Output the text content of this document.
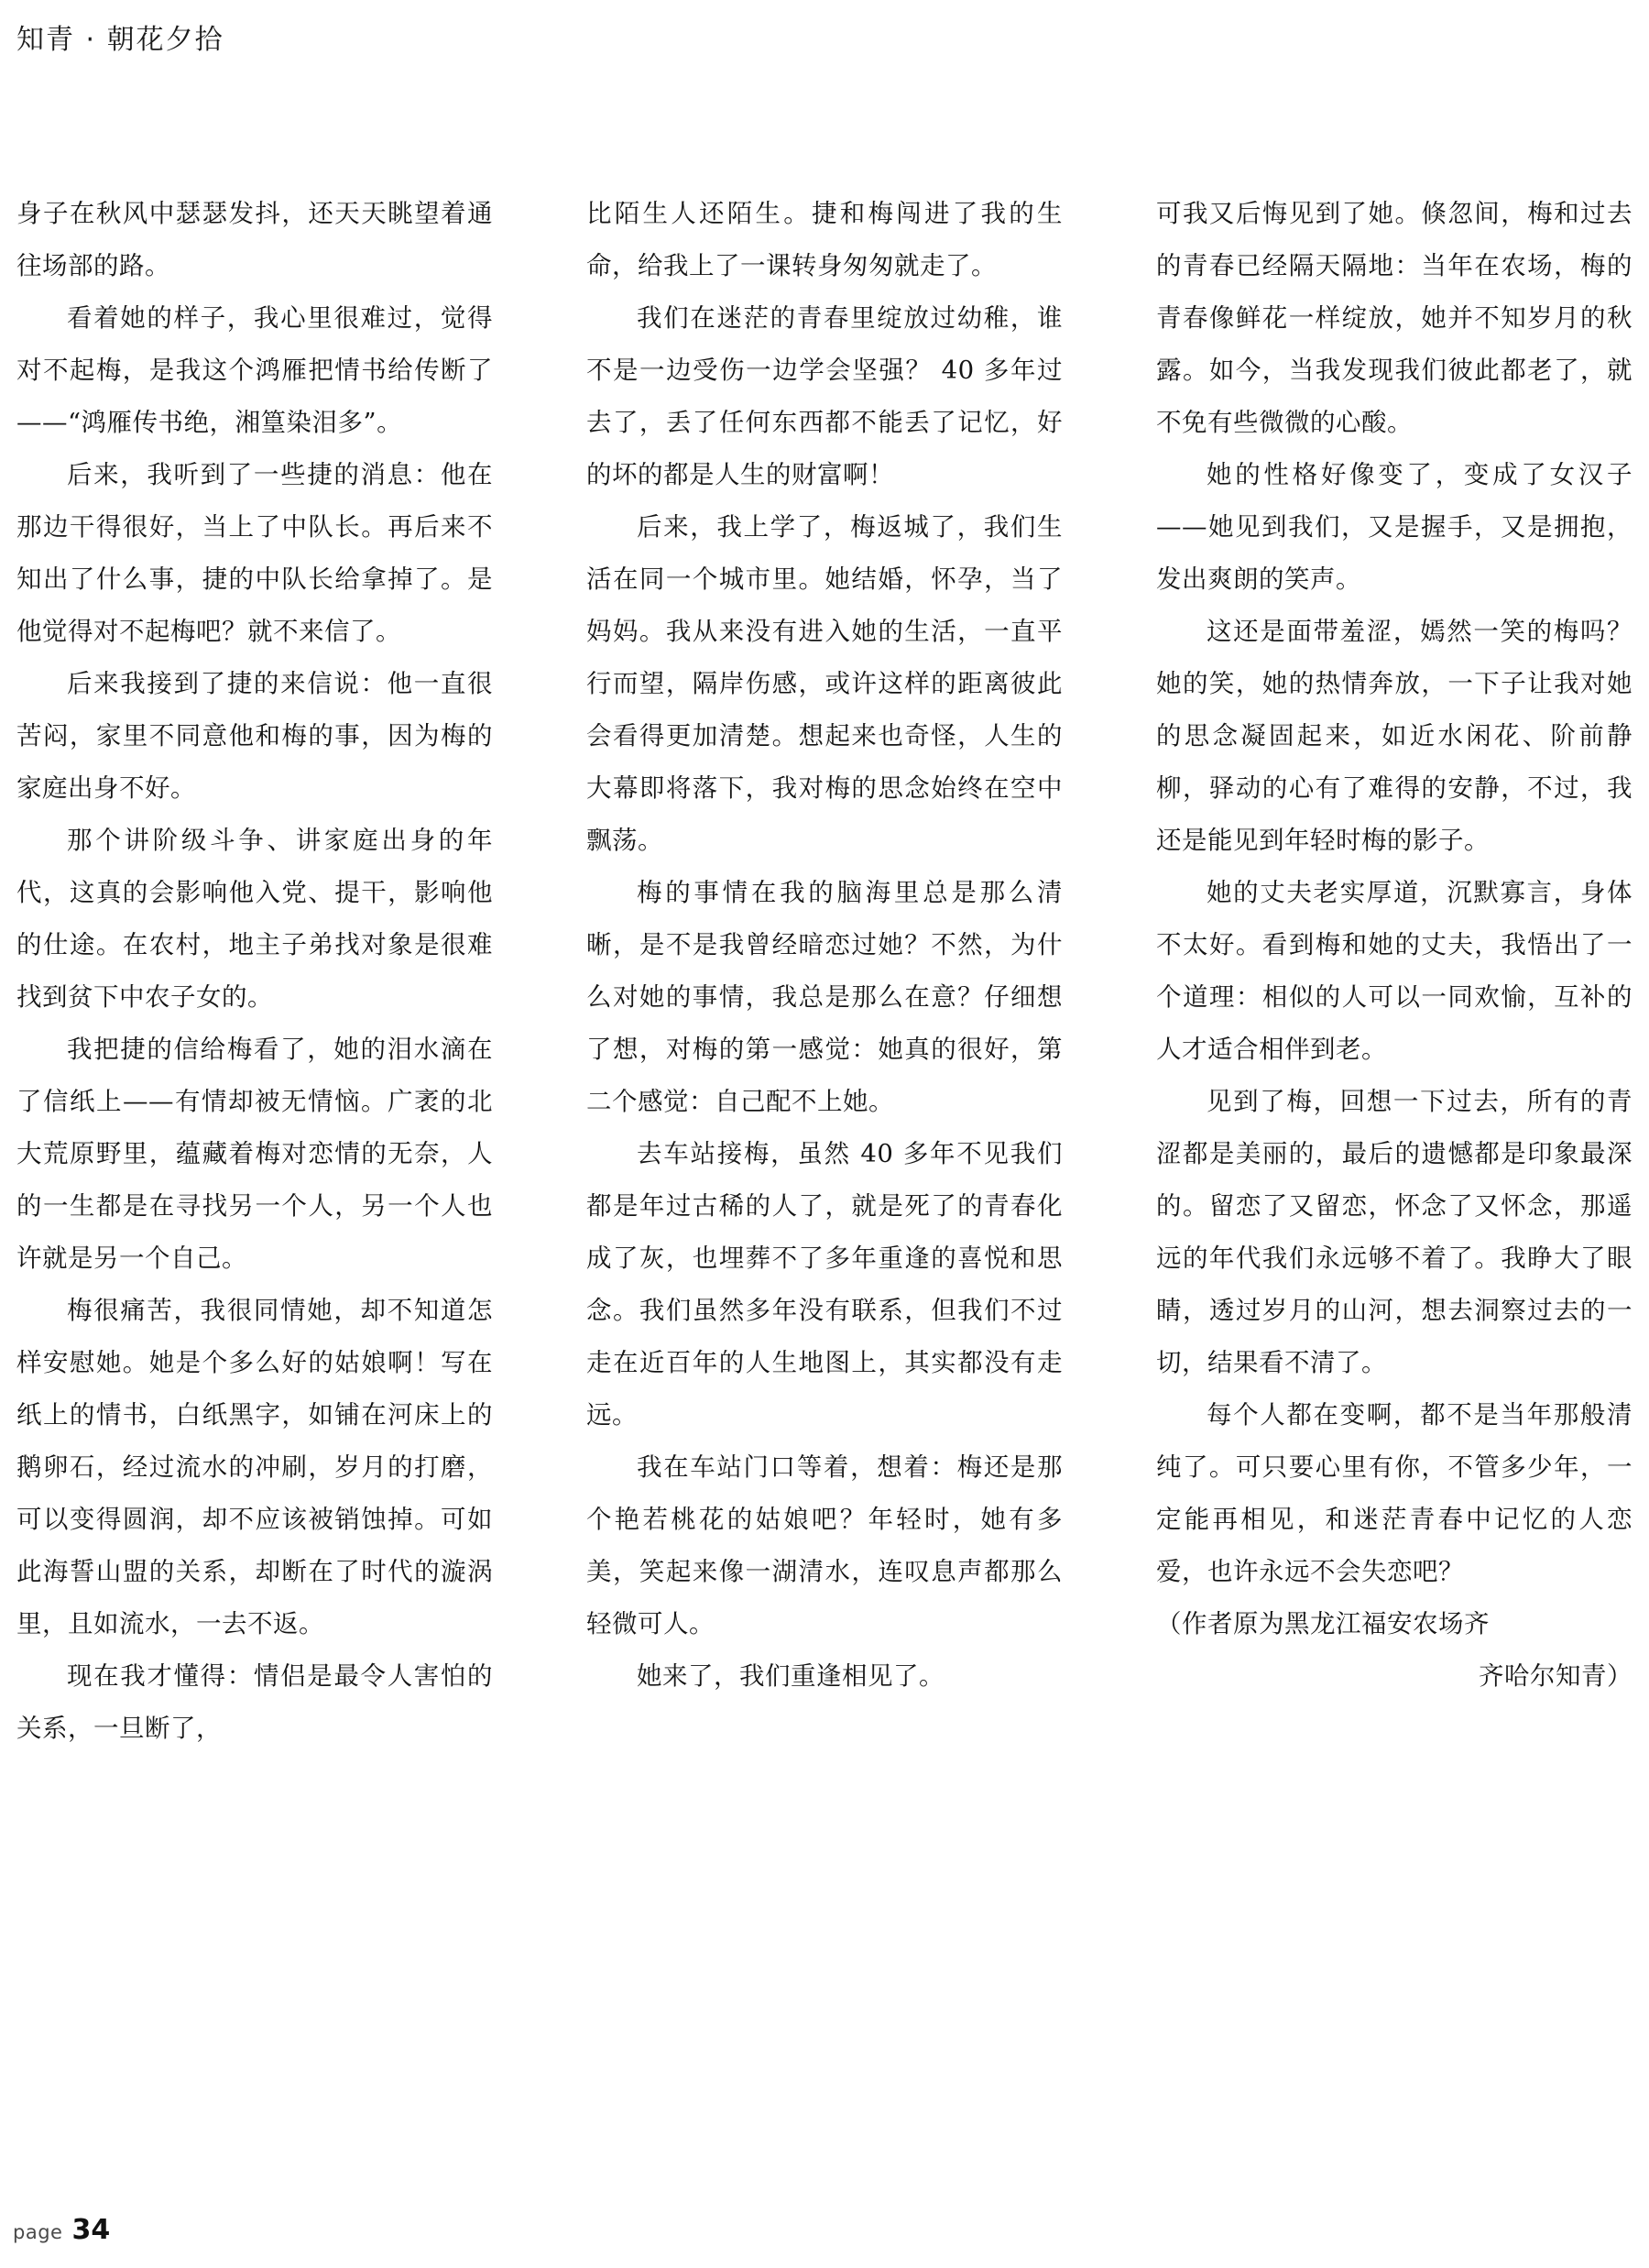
知青 · 朝花夕拾

身子在秋风中瑟瑟发抖，还天天眺望着通往场部的路。

看着她的样子，我心里很难过，觉得对不起梅，是我这个鸿雁把情书给传断了——“鸿雁传书绝，湘篁染泪多”。

后来，我听到了一些捷的消息：他在那边干得很好，当上了中队长。再后来不知出了什么事，捷的中队长给拿掉了。是他觉得对不起梅吧？就不来信了。

后来我接到了捷的来信说：他一直很苦闷，家里不同意他和梅的事，因为梅的家庭出身不好。

那个讲阶级斗争、讲家庭出身的年代，这真的会影响他入党、提干，影响他的仕途。在农村，地主子弟找对象是很难找到贫下中农子女的。

我把捷的信给梅看了，她的泪水滴在了信纸上——有情却被无情恼。广袤的北大荒原野里，蕴藏着梅对恋情的无奈，人的一生都是在寻找另一个人，另一个人也许就是另一个自己。

梅很痛苦，我很同情她，却不知道怎样安慰她。她是个多么好的姑娘啊！写在纸上的情书，白纸黑字，如铺在河床上的鹅卵石，经过流水的冲刷，岁月的打磨，可以变得圆润，却不应该被销蚀掉。可如此海誓山盟的关系，却断在了时代的漩涡里，且如流水，一去不返。

现在我才懂得：情侣是最令人害怕的关系，一旦断了，

比陌生人还陌生。捷和梅闯进了我的生命，给我上了一课转身匆匆就走了。

我们在迷茫的青春里绽放过幼稚，谁不是一边受伤一边学会坚强？ 40 多年过去了，丢了任何东西都不能丢了记忆，好的坏的都是人生的财富啊！

后来，我上学了，梅返城了，我们生活在同一个城市里。她结婚，怀孕，当了妈妈。我从来没有进入她的生活，一直平行而望，隔岸伤感，或许这样的距离彼此会看得更加清楚。想起来也奇怪，人生的大幕即将落下，我对梅的思念始终在空中飘荡。

梅的事情在我的脑海里总是那么清晰，是不是我曾经暗恋过她？不然，为什么对她的事情，我总是那么在意？仔细想了想，对梅的第一感觉：她真的很好，第二个感觉：自己配不上她。

去车站接梅，虽然 40 多年不见我们都是年过古稀的人了，就是死了的青春化成了灰，也埋葬不了多年重逢的喜悦和思念。我们虽然多年没有联系，但我们不过走在近百年的人生地图上，其实都没有走远。

我在车站门口等着，想着：梅还是那个艳若桃花的姑娘吧？年轻时，她有多美，笑起来像一湖清水，连叹息声都那么轻微可人。

她来了，我们重逢相见了。

可我又后悔见到了她。倏忽间，梅和过去的青春已经隔天隔地：当年在农场，梅的青春像鲜花一样绽放，她并不知岁月的秋露。如今，当我发现我们彼此都老了，就不免有些微微的心酸。

她的性格好像变了，变成了女汉子——她见到我们，又是握手，又是拥抱，发出爽朗的笑声。

这还是面带羞涩，嫣然一笑的梅吗？她的笑，她的热情奔放，一下子让我对她的思念凝固起来，如近水闲花、阶前静柳，驿动的心有了难得的安静，不过，我还是能见到年轻时梅的影子。

她的丈夫老实厚道，沉默寡言，身体不太好。看到梅和她的丈夫，我悟出了一个道理：相似的人可以一同欢愉，互补的人才适合相伴到老。

见到了梅，回想一下过去，所有的青涩都是美丽的，最后的遗憾都是印象最深的。留恋了又留恋，怀念了又怀念，那遥远的年代我们永远够不着了。我睁大了眼睛，透过岁月的山河，想去洞察过去的一切，结果看不清了。

每个人都在变啊，都不是当年那般清纯了。可只要心里有你，不管多少年，一定能再相见，和迷茫青春中记忆的人恋爱，也许永远不会失恋吧？

（作者原为黑龙江福安农场齐

齐哈尔知青）

page 34
